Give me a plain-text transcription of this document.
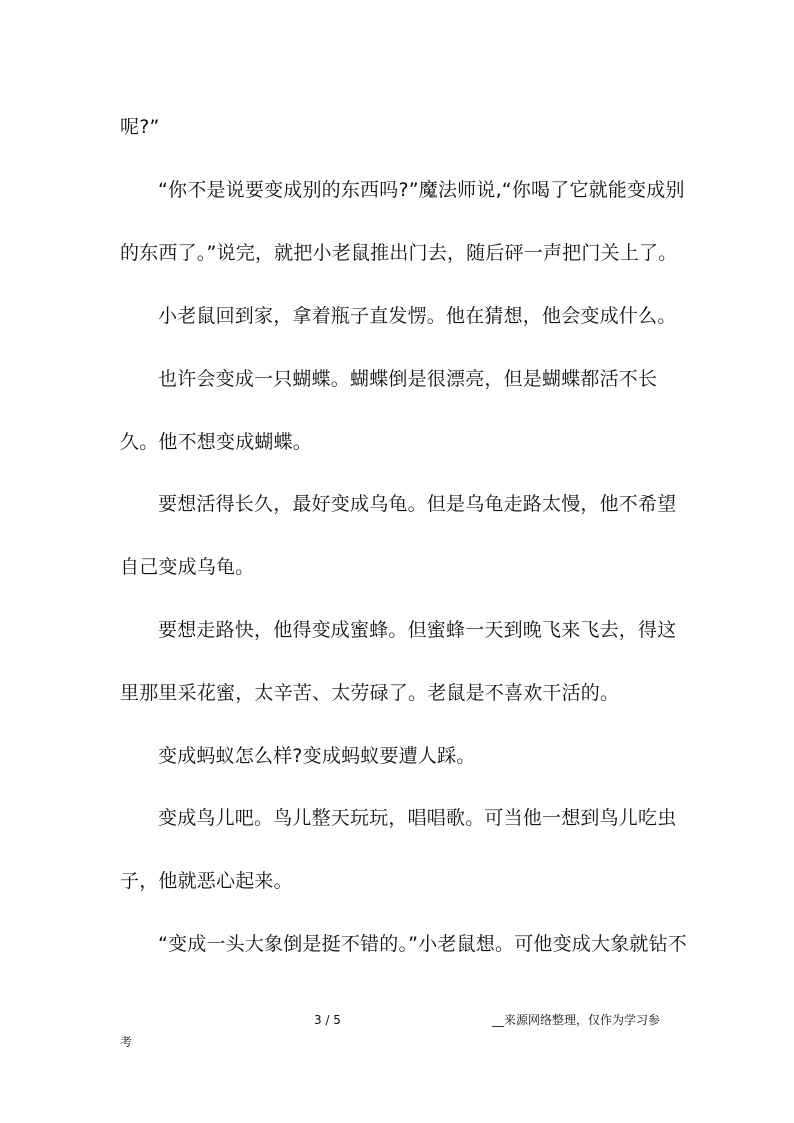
呢?”
“你不是说要变成别的东西吗?”魔法师说,“你喝了它就能变成别
的东西了。”说完，就把小老鼠推出门去，随后砰一声把门关上了。
小老鼠回到家，拿着瓶子直发愣。他在猜想，他会变成什么。
也许会变成一只蝴蝶。蝴蝶倒是很漂亮，但是蝴蝶都活不长
久。他不想变成蝴蝶。
要想活得长久，最好变成乌龟。但是乌龟走路太慢，他不希望
自己变成乌龟。
要想走路快，他得变成蜜蜂。但蜜蜂一天到晚飞来飞去，得这
里那里采花蜜，太辛苦、太劳碌了。老鼠是不喜欢干活的。
变成蚂蚁怎么样?变成蚂蚁要遭人踩。
变成鸟儿吧。鸟儿整天玩玩，唱唱歌。可当他一想到鸟儿吃虫
子，他就恶心起来。
“变成一头大象倒是挺不错的。”小老鼠想。可他变成大象就钻不
3 / 5	__来源网络整理，仅作为学习参
考
